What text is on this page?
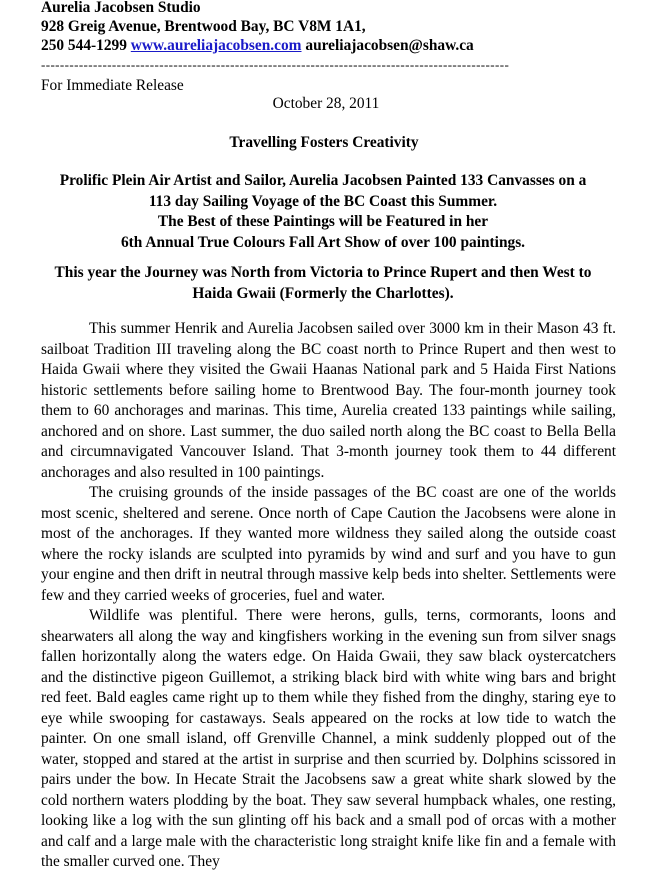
Aurelia Jacobsen Studio
928 Greig Avenue, Brentwood Bay, BC V8M 1A1,
250 544-1299 www.aureliajacobsen.com aureliajacobsen@shaw.ca
---------------------------------------------------------------------------------------------------
For Immediate Release
October 28, 2011
Travelling Fosters Creativity
Prolific Plein Air Artist and Sailor, Aurelia Jacobsen Painted 133 Canvasses on a
113 day Sailing Voyage of the BC Coast this Summer.
The Best of these Paintings will be Featured in her
6th Annual True Colours Fall Art Show of over 100 paintings.
This year the Journey was North from Victoria to Prince Rupert and then West to
Haida Gwaii (Formerly the Charlottes).

This summer Henrik and Aurelia Jacobsen sailed over 3000 km in their Mason 43 ft. sailboat Tradition III traveling along the BC coast north to Prince Rupert and then west to Haida Gwaii where they visited the Gwaii Haanas National park and 5 Haida First Nations historic settlements before sailing home to Brentwood Bay. The four-month journey took them to 60 anchorages and marinas. This time, Aurelia created 133 paintings while sailing, anchored and on shore. Last summer, the duo sailed north along the BC coast to Bella Bella and circumnavigated Vancouver Island. That 3-month journey took them to 44 different anchorages and also resulted in 100 paintings.

The cruising grounds of the inside passages of the BC coast are one of the worlds most scenic, sheltered and serene. Once north of Cape Caution the Jacobsens were alone in most of the anchorages. If they wanted more wildness they sailed along the outside coast where the rocky islands are sculpted into pyramids by wind and surf and you have to gun your engine and then drift in neutral through massive kelp beds into shelter. Settlements were few and they carried weeks of groceries, fuel and water.

Wildlife was plentiful. There were herons, gulls, terns, cormorants, loons and shearwaters all along the way and kingfishers working in the evening sun from silver snags fallen horizontally along the waters edge. On Haida Gwaii, they saw black oystercatchers and the distinctive pigeon Guillemot, a striking black bird with white wing bars and bright red feet. Bald eagles came right up to them while they fished from the dinghy, staring eye to eye while swooping for castaways. Seals appeared on the rocks at low tide to watch the painter. On one small island, off Grenville Channel, a mink suddenly plopped out of the water, stopped and stared at the artist in surprise and then scurried by. Dolphins scissored in pairs under the bow. In Hecate Strait the Jacobsens saw a great white shark slowed by the cold northern waters plodding by the boat. They saw several humpback whales, one resting, looking like a log with the sun glinting off his back and a small pod of orcas with a mother and calf and a large male with the characteristic long straight knife like fin and a female with the smaller curved one. They
